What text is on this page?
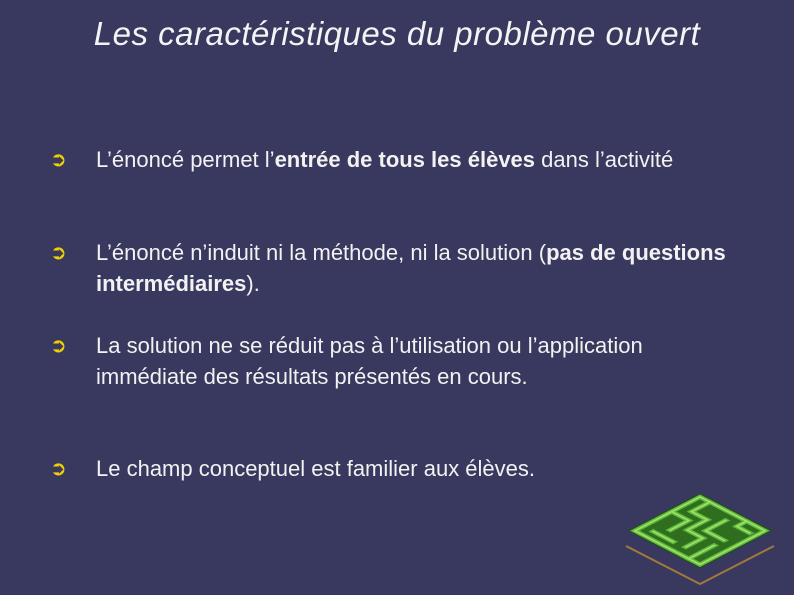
Les caractéristiques du problème ouvert
➲ L’énoncé permet l’entrée de tous les élèves dans l’activité
➲ L’énoncé n’induit ni la méthode, ni la solution (pas de questions intermédiaires).
➲ La solution ne se réduit pas à l’utilisation ou l’application immédiate des résultats présentés en cours.
➲ Le champ conceptuel est familier aux élèves.
